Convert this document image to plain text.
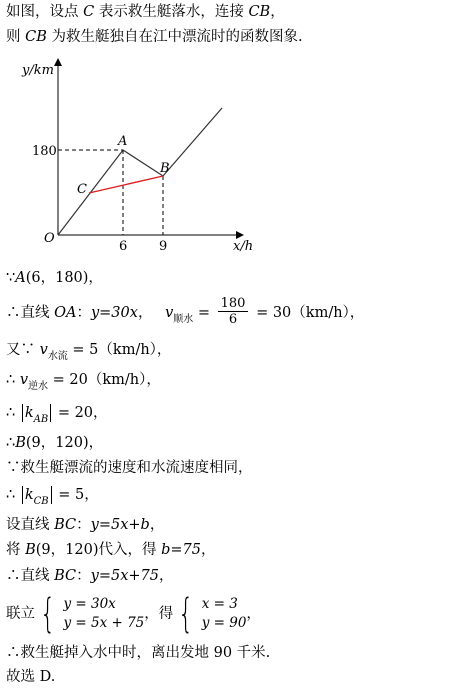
如图，设点 C 表示救生艇落水，连接 CB，
则 CB 为救生艇独自在江中漂流时的函数图象.
y/km
x/h
O
180
6 9
A
B
C
∵A(6，180)，
∴直线 OA：y=30x， $v_{顺水} = \frac{180}{6} = 30(km/h)$，
又∵ $v_{水流} = 5(km/h)$，
∴ $v_{逆水} = 20(km/h)$，
∴ $k_{AB} = 20$，
∴B(9，120)，
∵救生艇漂流的速度和水流速度相同，
∴ $k_{CB} = 5$，
设直线 BC：y=5x+b，
将 B(9，120)代入，得 b=75，
∴直线 BC：y=5x+75，
联立 { y = 30x
y = 5x + 75
，得 { x = 3
y = 90
，
∴救生艇掉入水中时，离出发地 90 千米.
故选 D.
